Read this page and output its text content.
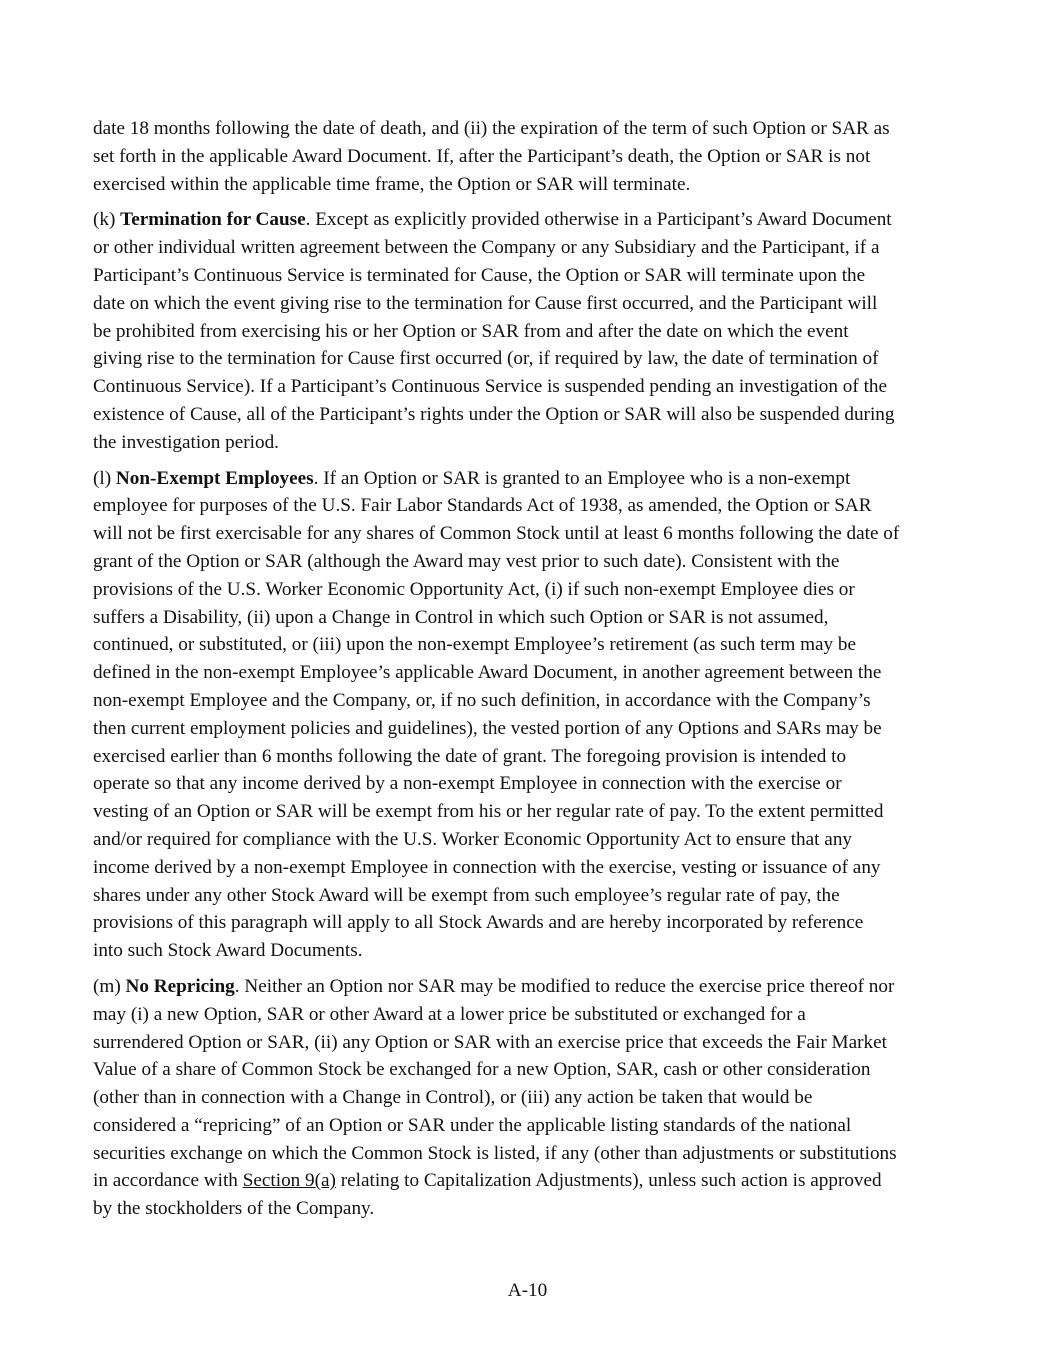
date 18 months following the date of death, and (ii) the expiration of the term of such Option or SAR as
set forth in the applicable Award Document. If, after the Participant’s death, the Option or SAR is not
exercised within the applicable time frame, the Option or SAR will terminate.
(k) Termination for Cause. Except as explicitly provided otherwise in a Participant’s Award Document
or other individual written agreement between the Company or any Subsidiary and the Participant, if a
Participant’s Continuous Service is terminated for Cause, the Option or SAR will terminate upon the
date on which the event giving rise to the termination for Cause first occurred, and the Participant will
be prohibited from exercising his or her Option or SAR from and after the date on which the event
giving rise to the termination for Cause first occurred (or, if required by law, the date of termination of
Continuous Service). If a Participant’s Continuous Service is suspended pending an investigation of the
existence of Cause, all of the Participant’s rights under the Option or SAR will also be suspended during
the investigation period.
(l) Non-Exempt Employees. If an Option or SAR is granted to an Employee who is a non-exempt
employee for purposes of the U.S. Fair Labor Standards Act of 1938, as amended, the Option or SAR
will not be first exercisable for any shares of Common Stock until at least 6 months following the date of
grant of the Option or SAR (although the Award may vest prior to such date). Consistent with the
provisions of the U.S. Worker Economic Opportunity Act, (i) if such non-exempt Employee dies or
suffers a Disability, (ii) upon a Change in Control in which such Option or SAR is not assumed,
continued, or substituted, or (iii) upon the non-exempt Employee’s retirement (as such term may be
defined in the non-exempt Employee’s applicable Award Document, in another agreement between the
non-exempt Employee and the Company, or, if no such definition, in accordance with the Company’s
then current employment policies and guidelines), the vested portion of any Options and SARs may be
exercised earlier than 6 months following the date of grant. The foregoing provision is intended to
operate so that any income derived by a non-exempt Employee in connection with the exercise or
vesting of an Option or SAR will be exempt from his or her regular rate of pay. To the extent permitted
and/or required for compliance with the U.S. Worker Economic Opportunity Act to ensure that any
income derived by a non-exempt Employee in connection with the exercise, vesting or issuance of any
shares under any other Stock Award will be exempt from such employee’s regular rate of pay, the
provisions of this paragraph will apply to all Stock Awards and are hereby incorporated by reference
into such Stock Award Documents.
(m) No Repricing. Neither an Option nor SAR may be modified to reduce the exercise price thereof nor
may (i) a new Option, SAR or other Award at a lower price be substituted or exchanged for a
surrendered Option or SAR, (ii) any Option or SAR with an exercise price that exceeds the Fair Market
Value of a share of Common Stock be exchanged for a new Option, SAR, cash or other consideration
(other than in connection with a Change in Control), or (iii) any action be taken that would be
considered a “repricing” of an Option or SAR under the applicable listing standards of the national
securities exchange on which the Common Stock is listed, if any (other than adjustments or substitutions
in accordance with Section 9(a) relating to Capitalization Adjustments), unless such action is approved
by the stockholders of the Company.
A-10
